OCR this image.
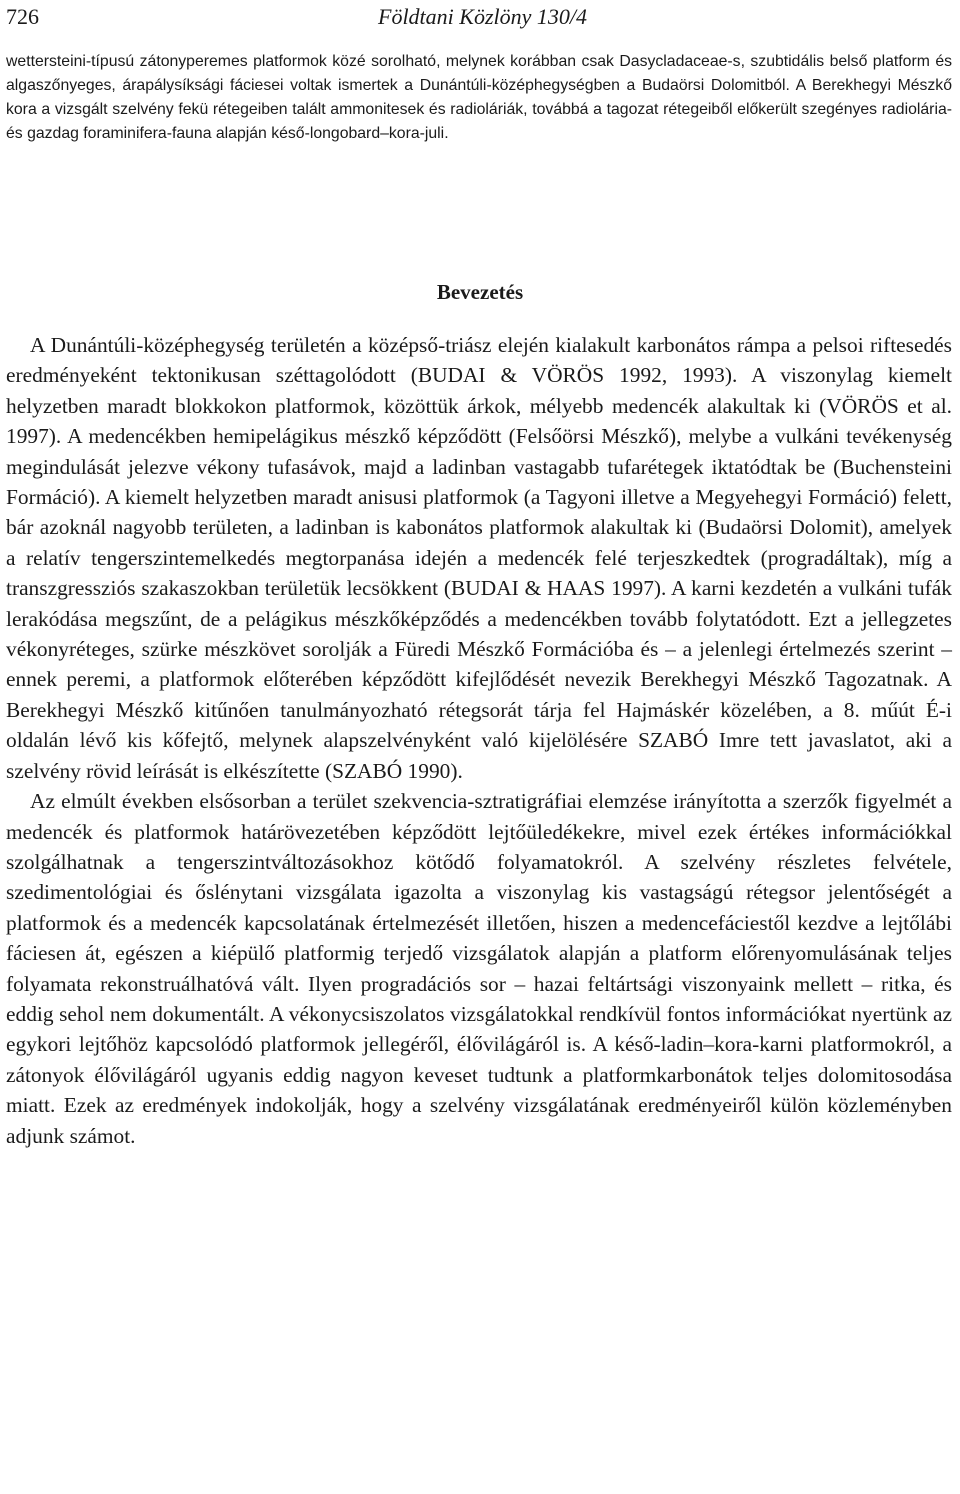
726	Földtani Közlöny 130/4

wettersteini-típusú zátonyperemes platformok közé sorolható, melynek korábban csak Dasycladaceae-s, szubtidális belső platform és algaszőnyeges, árapálysíksági fáciesei voltak ismertek a Dunántúli-középhegységben a Budaörsi Dolomitból. A Berekhegyi Mészkő kora a vizsgált szelvény fekü rétegeiben talált ammonitesek és radioláriák, továbbá a tagozat rétegeiből előkerült szegényes radiolária- és gazdag foraminifera-fauna alapján késő-longobard–kora-juli.

Bevezetés

A Dunántúli-középhegység területén a középső-triász elején kialakult karbonátos rámpa a pelsoi riftesedés eredményeként tektonikusan széttagolódott (BUDAI & VÖRÖS 1992, 1993). A viszonylag kiemelt helyzetben maradt blokkokon platformok, közöttük árkok, mélyebb medencék alakultak ki (VÖRÖS et al. 1997). A medencékben hemipelágikus mészkő képződött (Felsőörsi Mészkő), melybe a vulkáni tevékenység megindulását jelezve vékony tufasávok, majd a ladinban vastagabb tufarétegek iktatódtak be (Buchensteini Formáció). A kiemelt helyzetben maradt anisusi platformok (a Tagyoni illetve a Megyehegyi Formáció) felett, bár azoknál nagyobb területen, a ladinban is kabonátos platformok alakultak ki (Budaörsi Dolomit), amelyek a relatív tengerszintemelkedés megtorpanása idején a medencék felé terjeszkedtek (progradáltak), míg a transzgressziós szakaszokban területük lecsökkent (BUDAI & HAAS 1997). A karni kezdetén a vulkáni tufák lerakódása megszűnt, de a pelágikus mészkőképződés a medencékben tovább folytatódott. Ezt a jellegzetes vékonyréteges, szürke mészkövet sorolják a Füredi Mészkő Formációba és – a jelenlegi értelmezés szerint – ennek peremi, a platformok előterében képződött kifejlődését nevezik Berekhegyi Mészkő Tagozatnak. A Berekhegyi Mészkő kitűnően tanulmányozható rétegsorát tárja fel Hajmáskér közelében, a 8. műút É-i oldalán lévő kis kőfejtő, melynek alapszelvényként való kijelölésére SZABÓ Imre tett javaslatot, aki a szelvény rövid leírását is elkészítette (SZABÓ 1990).

Az elmúlt években elsősorban a terület szekvencia-sztratigráfiai elemzése irányította a szerzők figyelmét a medencék és platformok határövezetében képződött lejtőüledékekre, mivel ezek értékes információkkal szolgálhatnak a tengerszintváltozásokhoz kötődő folyamatokról. A szelvény részletes felvétele, szedimentológiai és őslénytani vizsgálata igazolta a viszonylag kis vastagságú rétegsor jelentőségét a platformok és a medencék kapcsolatának értelmezését illetően, hiszen a medencefáciestől kezdve a lejtőlábi fáciesen át, egészen a kiépülő platformig terjedő vizsgálatok alapján a platform előrenyomulásának teljes folyamata rekonstruálhatóvá vált. Ilyen progradációs sor – hazai feltártsági viszonyaink mellett – ritka, és eddig sehol nem dokumentált. A vékonycsiszolatos vizsgálatokkal rendkívül fontos információkat nyertünk az egykori lejtőhöz kapcsolódó platformok jellegéről, élővilágáról is. A késő-ladin–kora-karni platformokról, a zátonyok élővilágáról ugyanis eddig nagyon keveset tudtunk a platformkarbonátok teljes dolomitosodása miatt. Ezek az eredmények indokolják, hogy a szelvény vizsgálatának eredményeiről külön közleményben adjunk számot.
